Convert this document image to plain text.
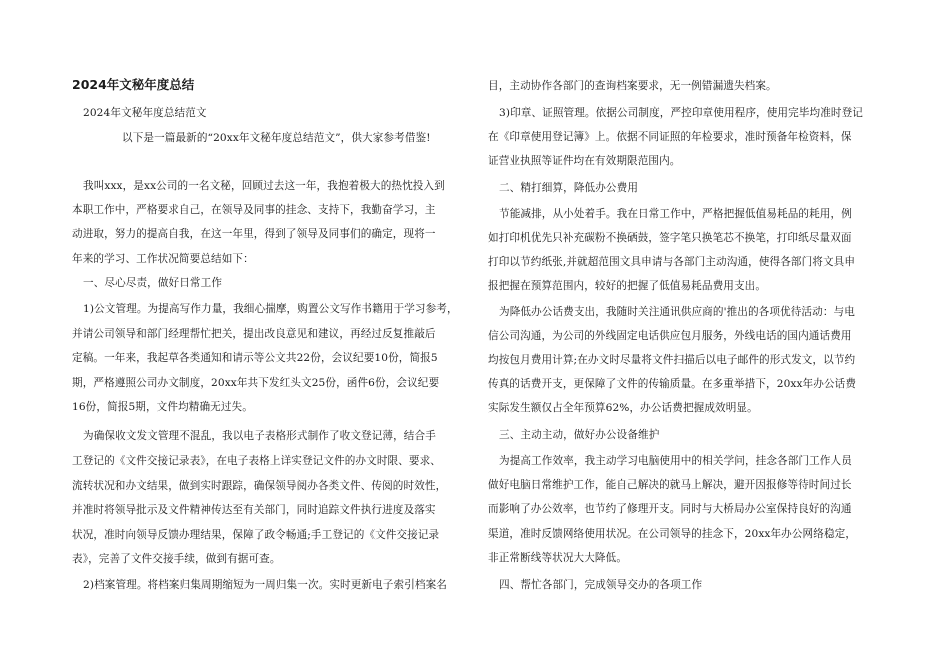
2024年文秘年度总结
2024年文秘年度总结范文
以下是一篇最新的“20xx年文秘年度总结范文”，供大家参考借鉴!
我叫xxx，是xx公司的一名文秘，回顾过去这一年，我抱着极大的热忱投入到
本职工作中，严格要求自己，在领导及同事的挂念、支持下，我勤奋学习，主
动进取，努力的提高自我，在这一年里，得到了领导及同事们的确定，现将一
年来的学习、工作状况简要总结如下：
一、尽心尽责，做好日常工作
1)公文管理。为提高写作力量，我细心揣摩，购置公文写作书籍用于学习参考，
并请公司领导和部门经理帮忙把关，提出改良意见和建议，再经过反复推敲后
定稿。一年来，我起草各类通知和请示等公文共22份，会议纪要10份，简报5
期，严格遵照公司办文制度，20xx年共下发红头文25份，函件6份，会议纪要
16份，简报5期，文件均精确无过失。
为确保收文发文管理不混乱，我以电子表格形式制作了收文登记薄，结合手
工登记的《文件交接记录表》，在电子表格上详实登记文件的办文时限、要求、
流转状况和办文结果，做到实时跟踪，确保领导阅办各类文件、传阅的时效性，
并准时将领导批示及文件精神传达至有关部门，同时追踪文件执行进度及落实
状况，准时向领导反馈办理结果，保障了政令畅通;手工登记的《文件交接记录
表》，完善了文件交接手续，做到有据可查。
2)档案管理。将档案归集周期缩短为一周归集一次。实时更新电子索引档案名
目，主动协作各部门的查询档案要求，无一例错漏遗失档案。
3)印章、证照管理。依据公司制度，严控印章使用程序，使用完毕均准时登记
在《印章使用登记簿》上。依据不同证照的年检要求，准时预备年检资料，保
证营业执照等证件均在有效期限范围内。
二、精打细算，降低办公费用
节能减排，从小处着手。我在日常工作中，严格把握低值易耗品的耗用，例
如打印机优先只补充碳粉不换硒鼓，签字笔只换笔芯不换笔，打印纸尽量双面
打印以节约纸张,并就超范围文具申请与各部门主动沟通，使得各部门将文具申
报把握在预算范围内，较好的把握了低值易耗品费用支出。
为降低办公话费支出，我随时关注通讯供应商的'推出的各项优待活动：与电
信公司沟通，为公司的外线固定电话供应包月服务，外线电话的国内通话费用
均按包月费用计算;在办文时尽量将文件扫描后以电子邮件的形式发文，以节约
传真的话费开支，更保障了文件的传输质量。在多重举措下，20xx年办公话费
实际发生额仅占全年预算62%，办公话费把握成效明显。
三、主动主动，做好办公设备维护
为提高工作效率，我主动学习电脑使用中的相关学问，挂念各部门工作人员
做好电脑日常维护工作，能自己解决的就马上解决，避开因报修等待时间过长
而影响了办公效率，也节约了修理开支。同时与大桥局办公室保持良好的沟通
渠道，准时反馈网络使用状况。在公司领导的挂念下，20xx年办公网络稳定，
非正常断线等状况大大降低。
四、帮忙各部门，完成领导交办的各项工作
